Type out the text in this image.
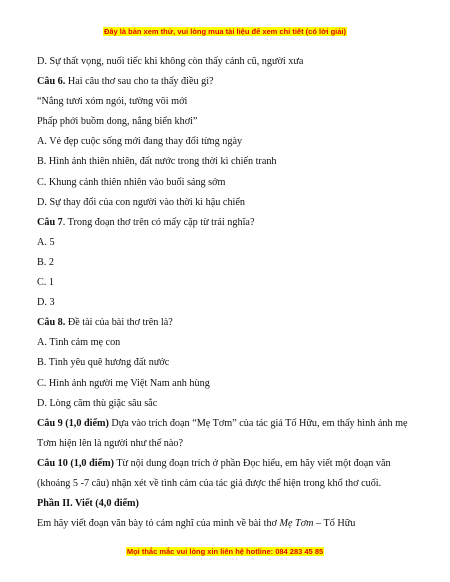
Đây là bản xem thử, vui lòng mua tài liệu để xem chi tiết (có lời giải)

D. Sự thất vọng, nuối tiếc khi không còn thấy cảnh cũ, người xưa

Câu 6. Hai câu thơ sau cho ta thấy điều gì?

“Nắng tươi xóm ngói, tường vôi mới

Phấp phới buồm dong, nắng biển khơi”

A. Vẻ đẹp cuộc sống mới đang thay đổi từng ngày

B. Hình ảnh thiên nhiên, đất nước trong thời kì chiến tranh

C. Khung cảnh thiên nhiên vào buổi sáng sớm

D. Sự thay đổi của con người vào thời kì hậu chiến

Câu 7. Trong đoạn thơ trên có mấy cặp từ trái nghĩa?

A. 5

B. 2

C. 1

D. 3

Câu 8. Đề tài của bài thơ trên là?

A. Tình cảm mẹ con

B. Tình yêu quê hương đất nước

C. Hình ảnh người mẹ Việt Nam anh hùng

D. Lòng căm thù giặc sâu sắc

Câu 9 (1,0 điểm) Dựa vào trích đoạn “Mẹ Tơm” của tác giả Tố Hữu, em thấy hình ảnh mẹ Tơm hiện lên là người như thế nào?

Câu 10 (1,0 điểm) Từ nội dung đoạn trích ở phần Đọc hiểu, em hãy viết một đoạn văn (khoảng 5 -7 câu) nhận xét về tình cảm của tác giả được thể hiện trong khổ thơ cuối.

Phần II. Viết (4,0 điểm)

Em hãy viết đoạn văn bày tỏ cảm nghĩ của mình về bài thơ Mẹ Tơm – Tố Hữu

Mọi thắc mắc vui lòng xin liên hệ hotline: 084 283 45 85
